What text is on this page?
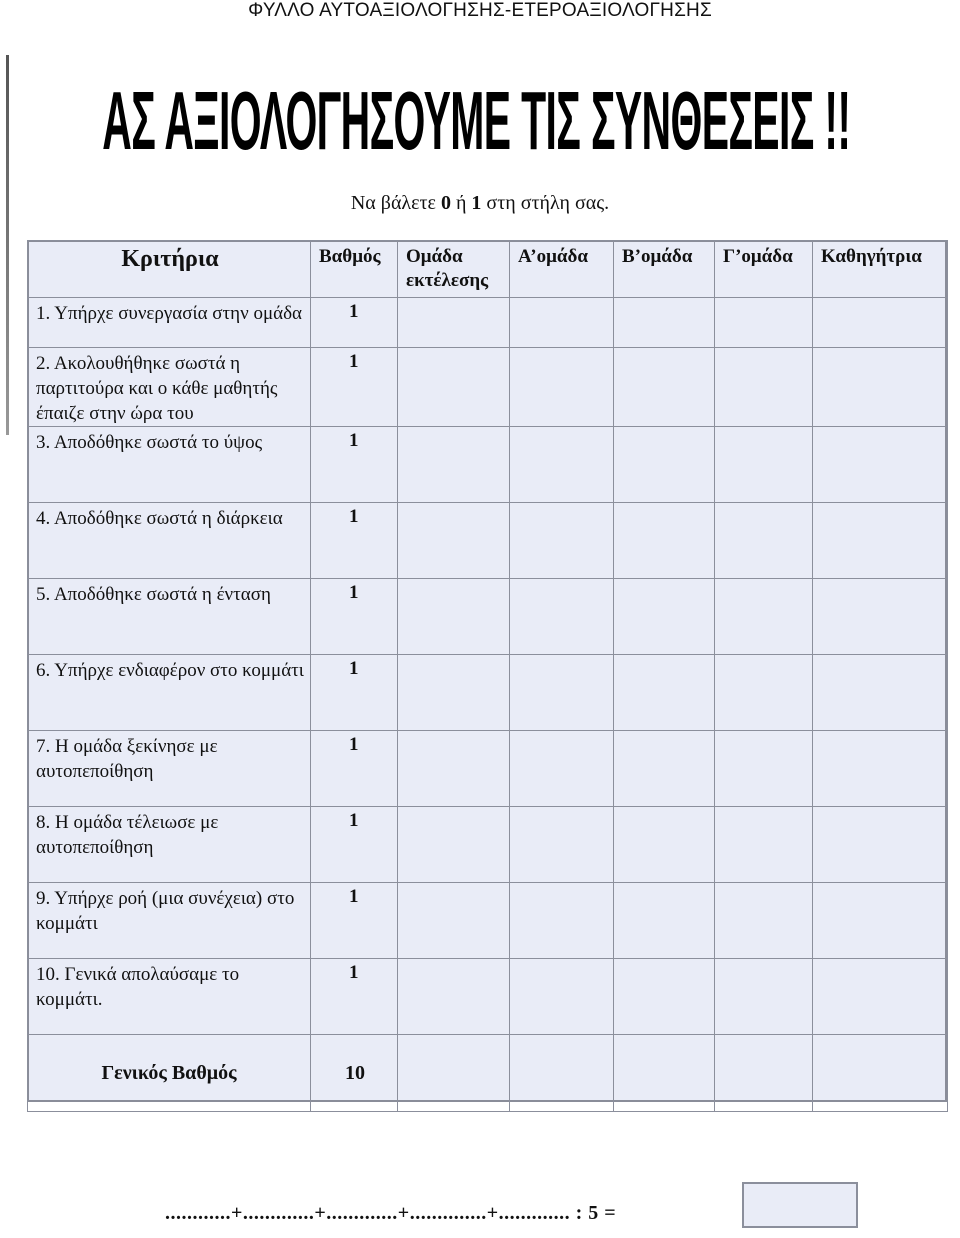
ΦΥΛΛΟ ΑΥΤΟΑΞΙΟΛΟΓΗΣΗΣ-ΕΤΕΡΟΑΞΙΟΛΟΓΗΣΗΣ
ΑΣ ΑΞΙΟΛΟΓΗΣΟΥΜΕ ΤΙΣ ΣΥΝΘΕΣΕΙΣ !!
Να βάλετε 0 ή 1 στη στήλη σας.
Κριτήρια	Βαθμός	Ομάδα εκτέλεσης	Α’ομάδα	Β’ομάδα	Γ’ομάδα	Καθηγήτρια
1. Υπήρχε συνεργασία στην ομάδα	1					
2. Ακολουθήθηκε σωστά η παρτιτούρα και ο κάθε μαθητής έπαιζε στην ώρα του	1					
3. Αποδόθηκε σωστά το ύψος	1					
4. Αποδόθηκε σωστά η διάρκεια	1					
5. Αποδόθηκε σωστά η ένταση	1					
6. Υπήρχε ενδιαφέρον στο κομμάτι	1					
7. Η ομάδα ξεκίνησε με αυτοπεποίθηση	1					
8. Η ομάδα τέλειωσε με αυτοπεποίθηση	1					
9. Υπήρχε ροή (μια συνέχεια) στο κομμάτι	1					
10. Γενικά απολαύσαμε το κομμάτι.	1					
Γενικός Βαθμός	10					
............+.............+.............+..............+............. : 5 =
